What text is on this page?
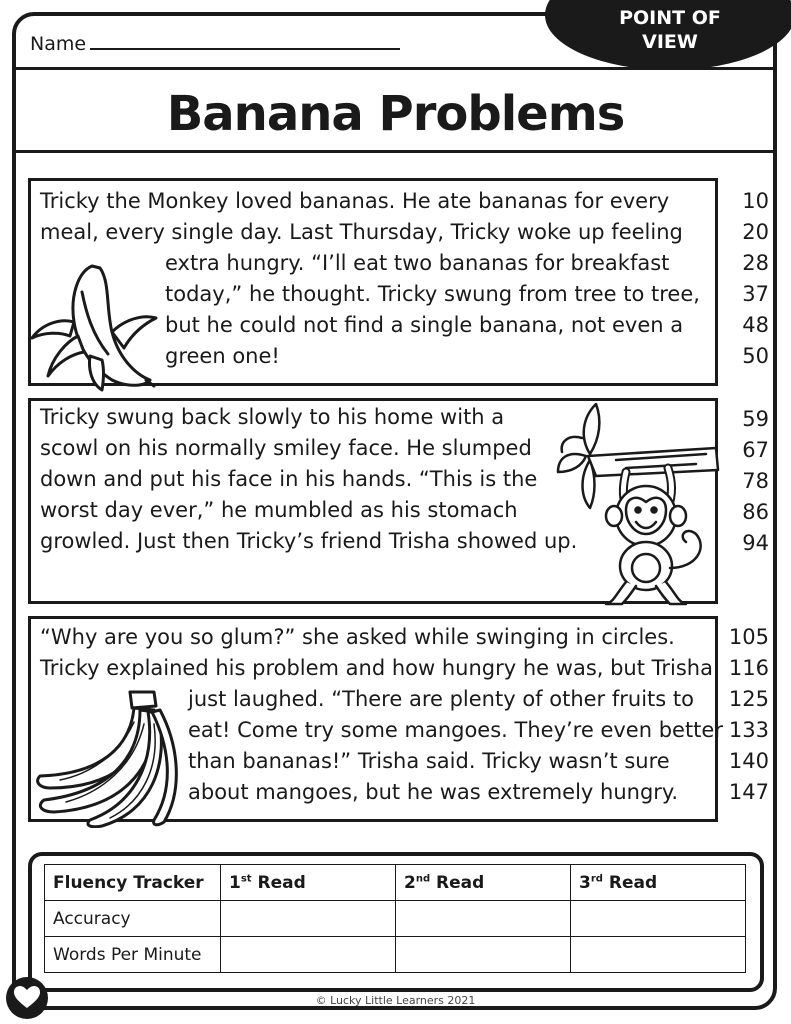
POINT OF
VIEW
Name
Banana Problems
Tricky the Monkey loved bananas. He ate bananas for every
meal, every single day. Last Thursday, Tricky woke up feeling
extra hungry. “I’ll eat two bananas for breakfast
today,” he thought. Tricky swung from tree to tree,
but he could not find a single banana, not even a
green one!
10
20
28
37
48
50
Tricky swung back slowly to his home with a
scowl on his normally smiley face. He slumped
down and put his face in his hands. “This is the
worst day ever,” he mumbled as his stomach
growled. Just then Tricky’s friend Trisha showed up.
59
67
78
86
94
“Why are you so glum?” she asked while swinging in circles.
Tricky explained his problem and how hungry he was, but Trisha
just laughed. “There are plenty of other fruits to
eat! Come try some mangoes. They’re even better
than bananas!” Trisha said. Tricky wasn’t sure
about mangoes, but he was extremely hungry.
105
116
125
133
140
147
Fluency Tracker	1st Read	2nd Read	3rd Read
Accuracy			
Words Per Minute			
© Lucky Little Learners 2021
